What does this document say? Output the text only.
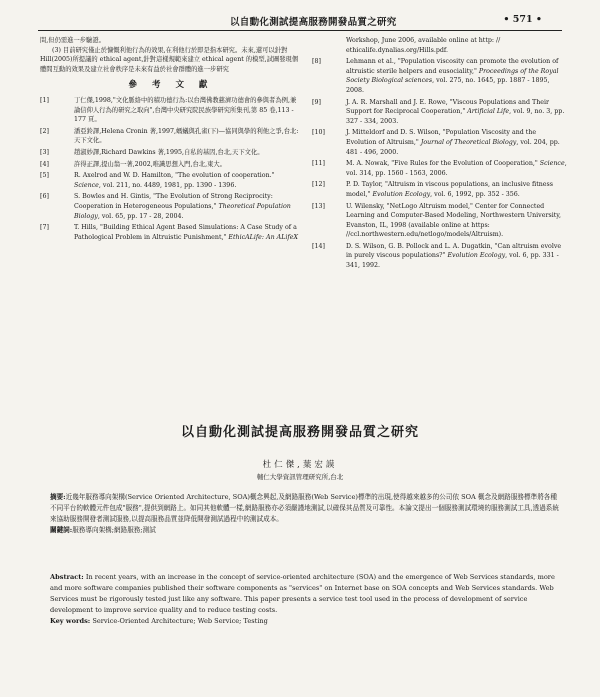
以自動化測試提高服務開發品質之研究	• 571 •

問,但仍需進一步驗證。

(3) 目前研究僅止於慷慨利他行為的效果,在利他行於即是指本研究。未來,還可以針對 Hill(2005)所提議的 ethical agent,針對這樣規範來建立 ethical agent 的模型,試圖發現個體間互動的效果及建立社會秩序是未來有益於社會群體的進一步研究

參 考 文 獻
[1]	丁仁傑,1998,"文化脈絡中的積功德行為:以台灣佛教慈濟功德會的參與者為例,兼論信仰人行為的研究之取向",台灣中央研究院民族學研究所集刊,第 85 卷,113 - 177 頁。
[2]	潘亞鈴譯,Helena Cronin 著,1997,螞蟻與孔雀(下)—協同與學的利他之爭,台北:天下文化。
[3]	趙淑妙譯,Richard Dawkins 著,1995,自私的基因,台北,天下文化。
[4]	許得正譯,提山翁一著,2002,唯識思想入門,台北,東大。
[5]	R. Axelrod and W. D. Hamilton, "The evolution of cooperation." Science, vol. 211, no. 4489, 1981, pp. 1390 - 1396.
[6]	S. Bowles and H. Gintis, "The Evolution of Strong Reciprocity: Cooperation in Heterogeneous Populations," Theoretical Population Biology, vol. 65, pp. 17 - 28, 2004.
[7]	T. Hills, "Building Ethical Agent Based Simulations: A Case Study of a Pathological Problem in Altruistic Punishment," EthicALife: An ALifeX
Workshop, June 2006, available online at http: // ethicalife.dynalias.org/Hills.pdf.
[8]	Lehmann et al., "Population viscosity can promote the evolution of altruistic sterile helpers and eusociality," Proceedings of the Royal Society Biological sciences, vol. 275, no. 1645, pp. 1887 - 1895, 2008.
[9]	J. A. R. Marshall and J. E. Rowe, "Viscous Populations and Their Support for Reciprocal Cooperation," Artificial Life, vol. 9, no. 3, pp. 327 - 334, 2003.
[10]	J. Mitteldorf and D. S. Wilson, "Population Viscosity and the Evolution of Altruism," Journal of Theoretical Biology, vol. 204, pp. 481 - 496, 2000.
[11]	M. A. Nowak, "Five Rules for the Evolution of Cooperation," Science, vol. 314, pp. 1560 - 1563, 2006.
[12]	P. D. Taylor, "Altruism in viscous populations, an inclusive fitness model," Evolution Ecology, vol. 6, 1992, pp. 352 - 356.
[13]	U. Wilensky, "NetLogo Altruism model," Center for Connected Learning and Computer-Based Modeling, Northwestern University, Evanston, IL, 1998 (available online at https: //ccl.northwestern.edu/netlogo/models/Altruism).
[14]	D. S. Wilson, G. B. Pollock and L. A. Dugatkin, "Can altruism evolve in purely viscous populations?" Evolution Ecology, vol. 6, pp. 331 - 341, 1992.
以自動化測試提高服務開發品質之研究
杜仁傑,葉宏謨
輔仁大學資訊管理研究所,台北
摘要:近幾年服務導向架構(Service Oriented Architecture, SOA)概念興起,及網路服務(Web Service)標準的出現,使得越來越多的公司依 SOA 概念及網路服務標準將各種不同平台的軟體元件包成"服務",提供到網路上。如同其他軟體一樣,網路服務亦必須嚴謹地測試,以確保其品質及可靠性。本論文提出一個服務測試環境的服務測試工具,透過系統來協助服務開發者測試服務,以提高服務品質並降低開發測試過程中的測試成本。
關鍵詞:服務導向架構;網路服務;測試
Abstract: In recent years, with an increase in the concept of service-oriented architecture (SOA) and the emergence of Web Services standards, more and more software companies published their software components as "services" on Internet base on SOA concepts and Web Services standards. Web Services must be rigorously tested just like any software. This paper presents a service test tool used in the process of development of service development to improve service quality and to reduce testing costs.
Key words: Service-Oriented Architecture; Web Service; Testing
